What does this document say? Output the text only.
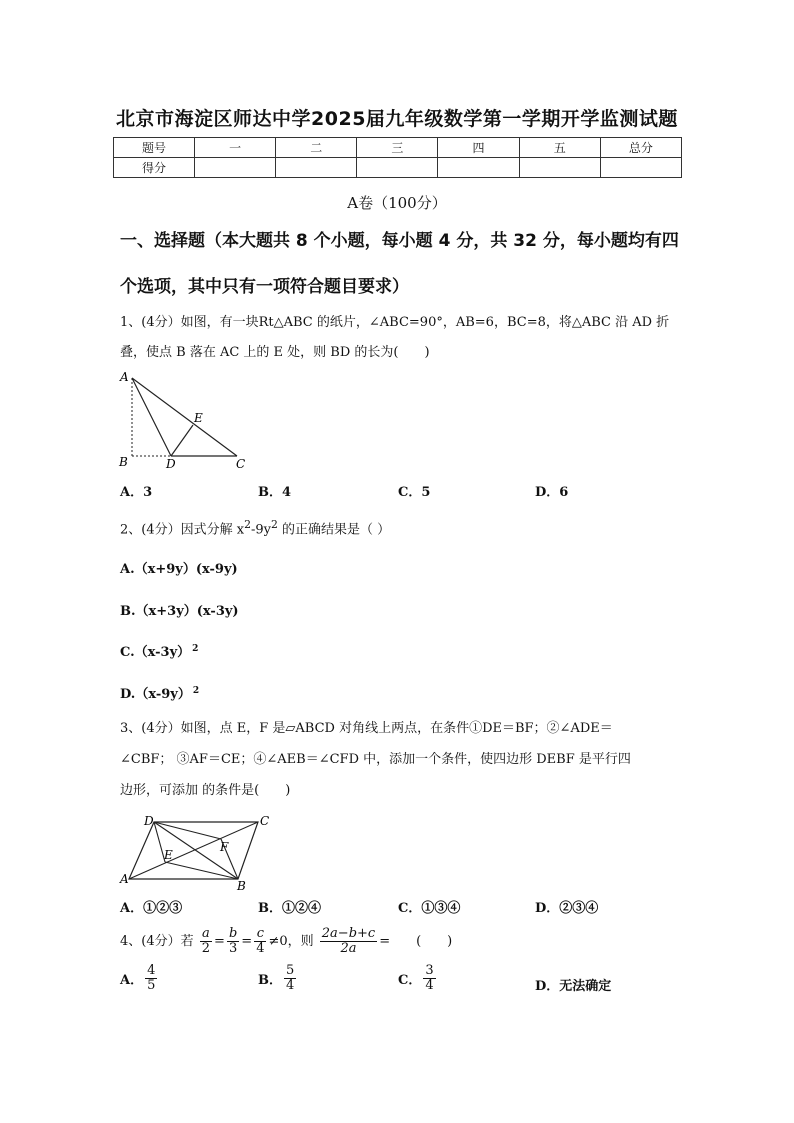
北京市海淀区师达中学2025届九年级数学第一学期开学监测试题
题号	一	二	三	四	五	总分
得分						
A卷（100分）
一、选择题（本大题共 8 个小题，每小题 4 分，共 32 分，每小题均有四个选项，其中只有一项符合题目要求）
1、(4分）如图，有一块Rt△ABC 的纸片，∠ABC=90°，AB=6，BC=8，将△ABC 沿 AD 折叠，使点 B 落在 AC 上的 E 处，则 BD 的长为(　　)
A
E
B	D	C
A．3	B．4	C．5	D．6
2、(4分）因式分解 $x^2-9y^2$ 的正确结果是（ ）
A.（x+9y）(x-9y)
B.（x+3y）(x-3y)
C.（x-3y） $^2$
D.（x-9y） $^2$
3、(4分）如图，点 E，F 是▱ABCD 对角线上两点，在条件①DE＝BF；②∠ADE＝
∠CBF； ③AF＝CE；④∠AEB＝∠CFD 中，添加一个条件，使四边形 DEBF 是平行四
边形，可添加 的条件是(　　)
D	C
E
F
A	B
A．①②③	B．①②④	C．①③④	D．②③④
4、(4分）若 $\frac{a}{2} = \frac{b}{3} = \frac{c}{4} \ne 0$，则 $\frac{2a-b+c}{2a}$ =　　(　　)
A． $\frac{4}{5}$	B． $\frac{5}{4}$	C． $\frac{3}{4}$	D．无法确定
